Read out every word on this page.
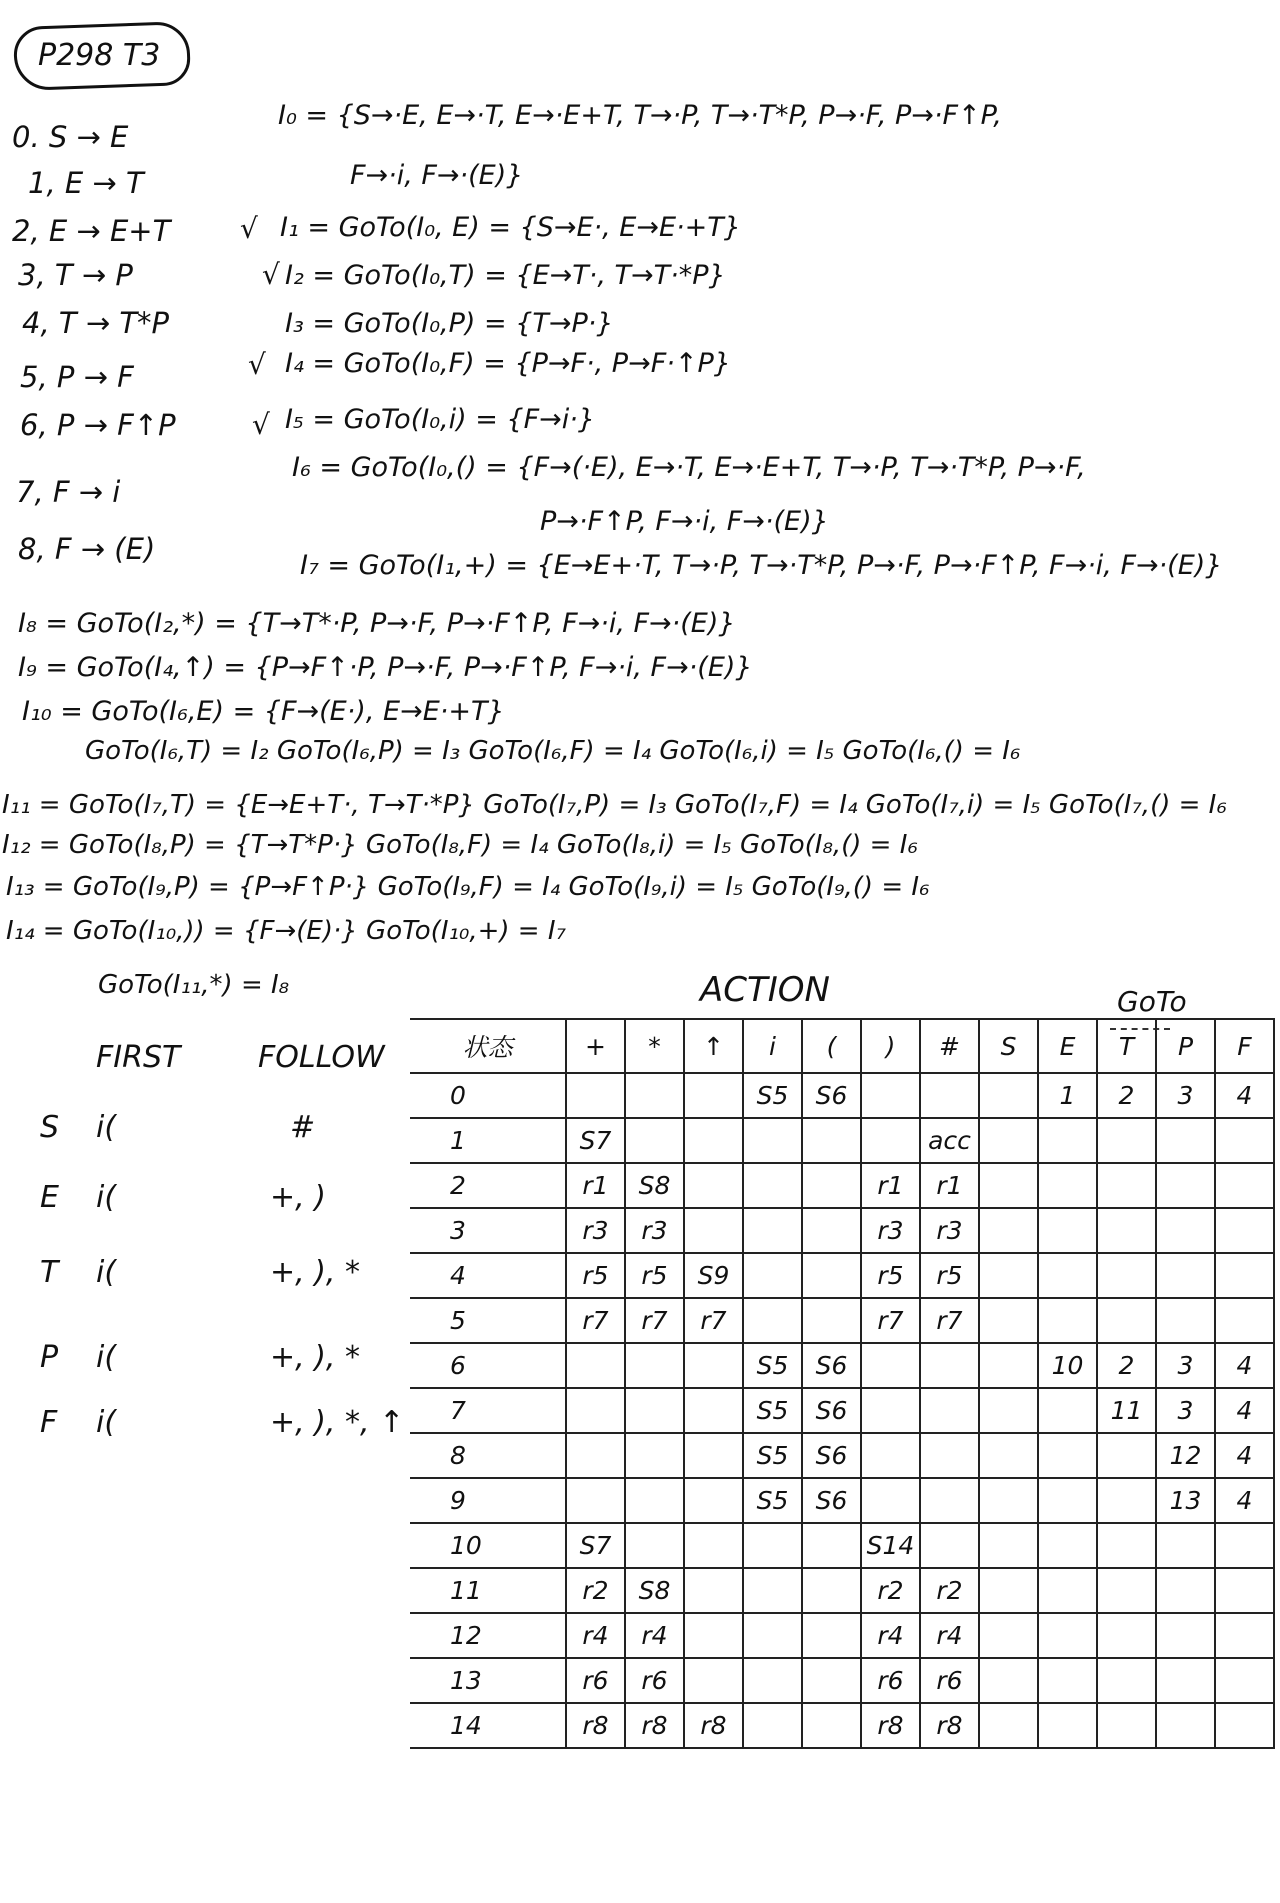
P298 T3
0. S → E
1, E → T
2, E → E+T
3, T → P
4, T → T*P
5, P → F
6, P → F↑P
7, F → i
8, F → (E)
I₀ = {S→·E, E→·T, E→·E+T, T→·P, T→·T*P, P→·F, P→·F↑P,
F→·i, F→·(E)}
√ I₁ = GoTo(I₀, E) = {S→E·, E→E·+T}
√ I₂ = GoTo(I₀,T) = {E→T·, T→T·*P}
I₃ = GoTo(I₀,P) = {T→P·}
√ I₄ = GoTo(I₀,F) = {P→F·, P→F·↑P}
√ I₅ = GoTo(I₀,i) = {F→i·}
I₆ = GoTo(I₀,() = {F→(·E), E→·T, E→·E+T, T→·P, T→·T*P, P→·F,
P→·F↑P, F→·i, F→·(E)}
I₇ = GoTo(I₁,+) = {E→E+·T, T→·P, T→·T*P, P→·F, P→·F↑P, F→·i, F→·(E)}
I₈ = GoTo(I₂,*) = {T→T*·P, P→·F, P→·F↑P, F→·i, F→·(E)}
I₉ = GoTo(I₄,↑) = {P→F↑·P, P→·F, P→·F↑P, F→·i, F→·(E)}
I₁₀ = GoTo(I₆,E) = {F→(E·), E→E·+T}
GoTo(I₆,T) = I₂ GoTo(I₆,P) = I₃ GoTo(I₆,F) = I₄ GoTo(I₆,i) = I₅ GoTo(I₆,() = I₆
I₁₁ = GoTo(I₇,T) = {E→E+T·, T→T·*P} GoTo(I₇,P) = I₃ GoTo(I₇,F) = I₄ GoTo(I₇,i) = I₅ GoTo(I₇,() = I₆
I₁₂ = GoTo(I₈,P) = {T→T*P·} GoTo(I₈,F) = I₄ GoTo(I₈,i) = I₅ GoTo(I₈,() = I₆
I₁₃ = GoTo(I₉,P) = {P→F↑P·} GoTo(I₉,F) = I₄ GoTo(I₉,i) = I₅ GoTo(I₉,() = I₆
I₁₄ = GoTo(I₁₀,)) = {F→(E)·} GoTo(I₁₀,+) = I₇
GoTo(I₁₁,*) = I₈
FIRST	FOLLOW
S i(	#
E i(	+, )
T i(	+, ), *
P i(	+, ), *
F i(	+, ), *, ↑
ACTION	GoTo
状态	+	*	↑	i	(	)	#	S	E	T	P	F
0				S5	S6				1	2	3	4
1	S7						acc					
2	r1	S8				r1	r1					
3	r3	r3				r3	r3					
4	r5	r5	S9			r5	r5					
5	r7	r7	r7			r7	r7					
6				S5	S6				10	2	3	4
7				S5	S6					11	3	4
8				S5	S6						12	4
9				S5	S6						13	4
10	S7					S14						
11	r2	S8				r2	r2					
12	r4	r4				r4	r4					
13	r6	r6				r6	r6					
14	r8	r8	r8			r8	r8					
